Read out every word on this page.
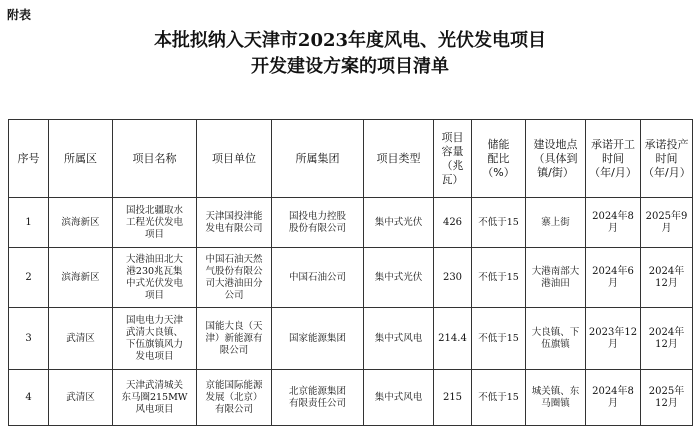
附表
本批拟纳入天津市2023年度风电、光伏发电项目
开发建设方案的项目清单
序号	所属区	项目名称	项目单位	所属集团	项目类型	项目
容量
（兆
瓦）	储能
配比
（%）	建设地点
（具体到
镇/街）	承诺开工
时间
（年/月）	承诺投产
时间
（年/月）
1	滨海新区	国投北疆取水
工程光伏发电
项目	天津国投津能
发电有限公司	国投电力控股
股份有限公司	集中式光伏	426	不低于15	寨上街	2024年8月	2025年9月
2	滨海新区	大港油田北大
港230兆瓦集
中式光伏发电
项目	中国石油天然
气股份有限公
司大港油田分
公司	中国石油公司	集中式光伏	230	不低于15	大港南部大
港油田	2024年6月	2024年12月
3	武清区	国电电力天津
武清大良镇、
下伍旗镇风力
发电项目	国能大良（天
津）新能源有
限公司	国家能源集团	集中式风电	214.4	不低于15	大良镇、下
伍旗镇	2023年12月	2024年12月
4	武清区	天津武清城关
东马圈215MW
风电项目	京能国际能源
发展（北京）
有限公司	北京能源集团
有限责任公司	集中式风电	215	不低于15	城关镇、东
马圈镇	2024年8月	2025年12月
